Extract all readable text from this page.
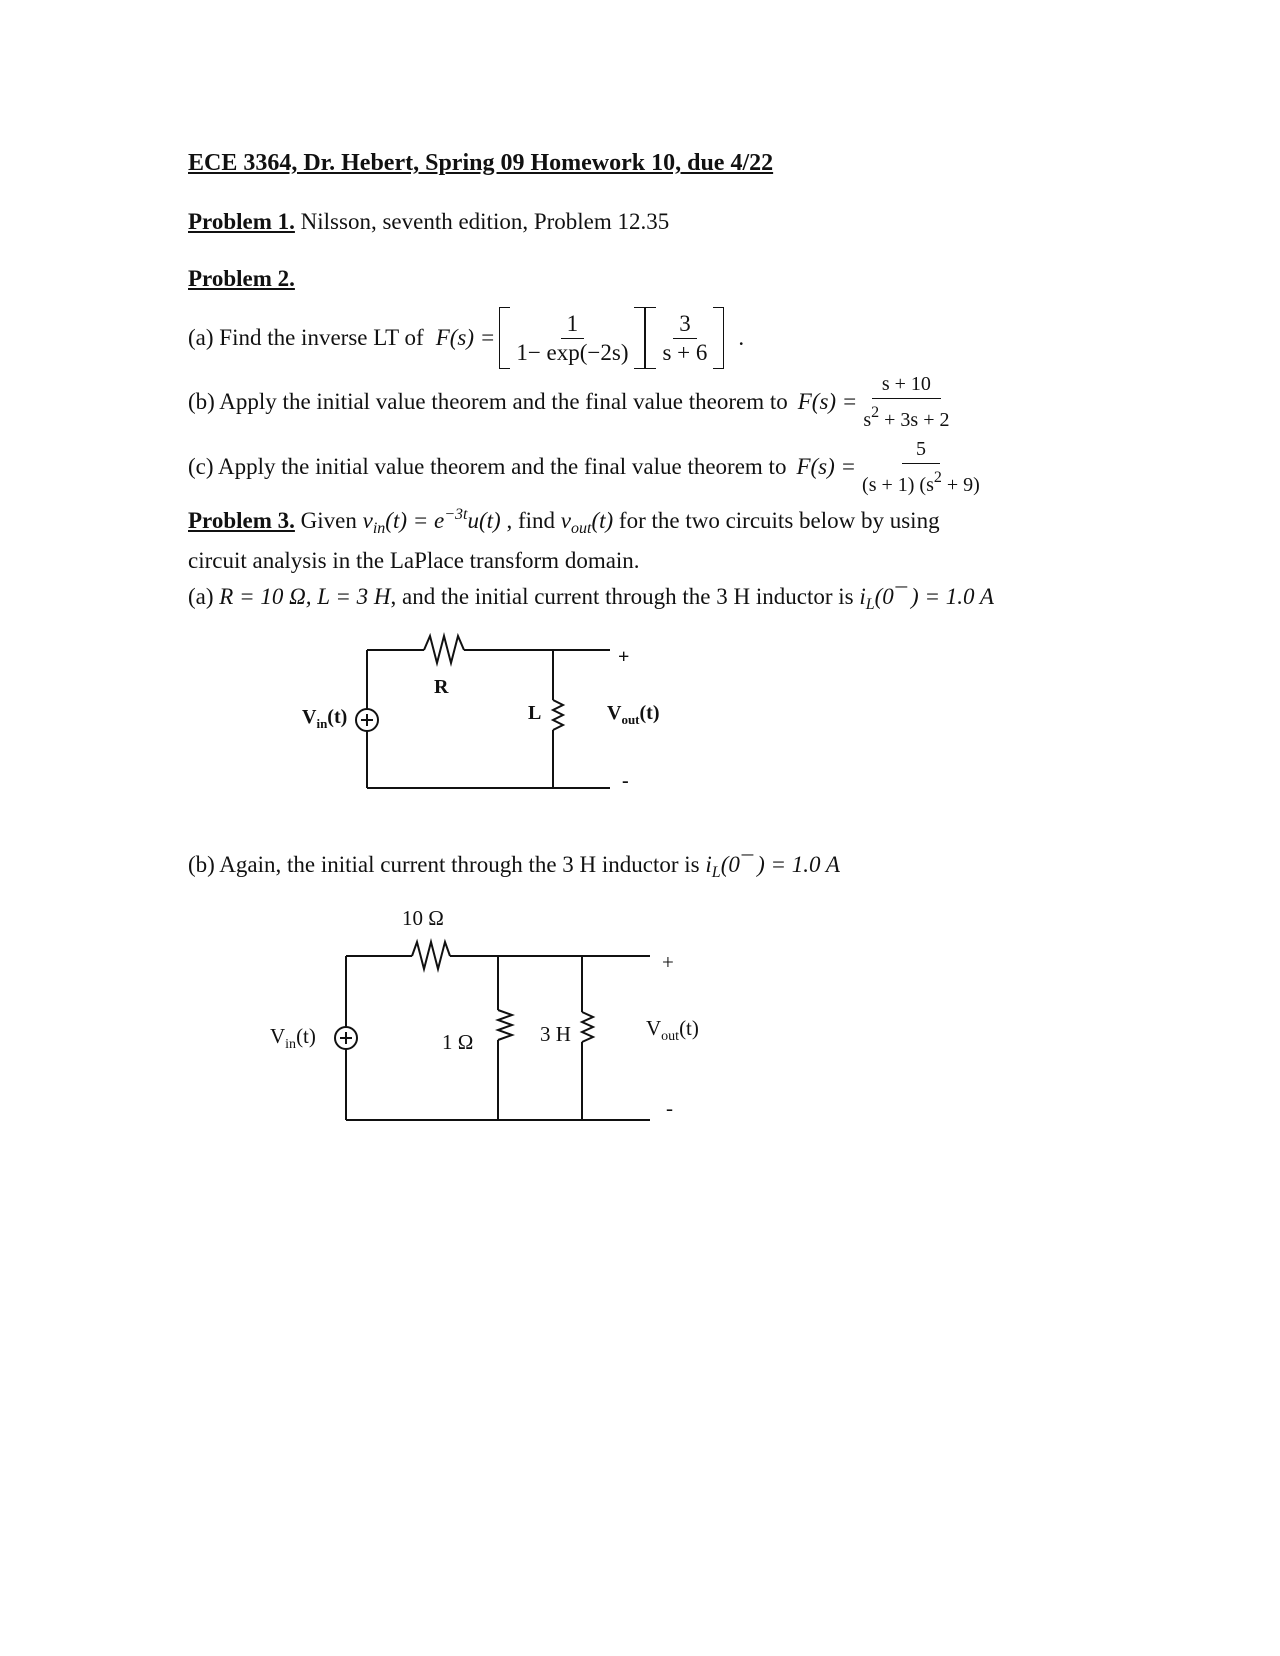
ECE 3364, Dr. Hebert, Spring 09 Homework 10, due 4/22
Problem 1. Nilsson, seventh edition, Problem 12.35
Problem 2.
(a) Find the inverse LT of $F(s) = \frac{1}{1- \exp(-2s)} \frac{3}{s + 6}$ .
(b) Apply the initial value theorem and the final value theorem to $F(s) = \frac{s + 10}{s^2 + 3s + 2}$
(c) Apply the initial value theorem and the final value theorem to $F(s) = \frac{5}{(s + 1) (s^2 + 9)}$
Problem 3. Given $v_{in}(t) = e^{-3t}u(t)$ , find $v_{out}(t)$ for the two circuits below by using
circuit analysis in the LaPlace transform domain.
(a) R = 10 Ω, L = 3 H, and the initial current through the 3 H inductor is $i_L(0¯$ ) = 1.0 A
$V_{in}(t)$
R
L
+
$V_{out}(t)$
-
(b) Again, the initial current through the 3 H inductor is $i_L(0¯$ ) = 1.0 A
$V_{in}(t)$
10 Ω
1 Ω	3 H
+
$V_{out}(t)$
-
